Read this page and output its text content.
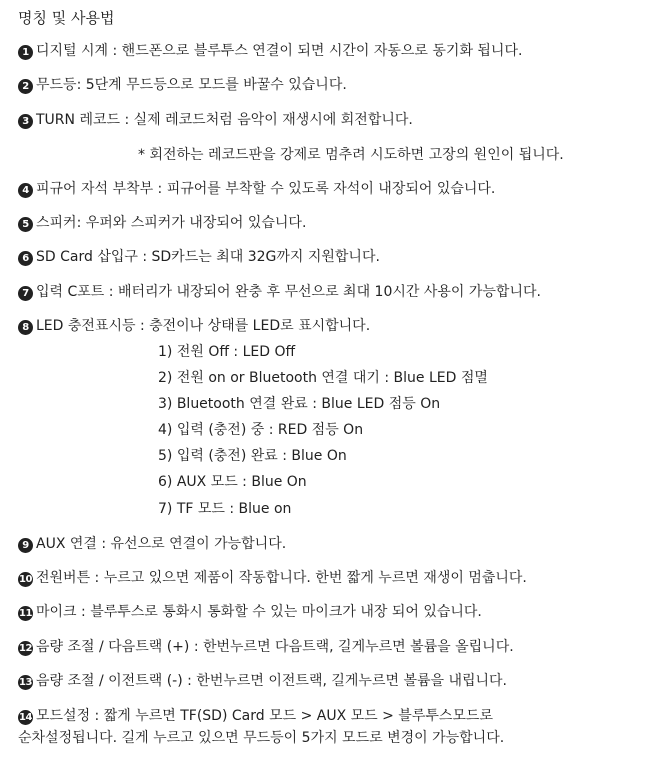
명칭 및 사용법
1 디지털 시계 : 핸드폰으로 블루투스 연결이 되면 시간이 자동으로 동기화 됩니다.
2 무드등: 5단계 무드등으로 모드를 바꿀수 있습니다.
3 TURN 레코드 : 실제 레코드처럼 음악이 재생시에 회전합니다.
* 회전하는 레코드판을 강제로 멈추려 시도하면 고장의 원인이 됩니다.
4 피규어 자석 부착부 : 피규어를 부착할 수 있도록 자석이 내장되어 있습니다.
5 스피커: 우퍼와 스피커가 내장되어 있습니다.
6 SD Card 삽입구 : SD카드는 최대 32G까지 지원합니다.
7 입력 C포트 : 배터리가 내장되어 완충 후 무선으로 최대 10시간 사용이 가능합니다.
8 LED 충전표시등 : 충전이나 상태를 LED로 표시합니다.
1) 전원 Off : LED Off
2) 전원 on or Bluetooth 연결 대기 : Blue LED 점멸
3) Bluetooth 연결 완료 : Blue LED 점등 On
4) 입력 (충전) 중 : RED 점등 On
5) 입력 (충전) 완료 : Blue On
6) AUX 모드 : Blue On
7) TF 모드 : Blue on
9 AUX 연결 : 유선으로 연결이 가능합니다.
10 전원버튼 : 누르고 있으면 제품이 작동합니다. 한번 짧게 누르면 재생이 멈춥니다.
11 마이크 : 블루투스로 통화시 통화할 수 있는 마이크가 내장 되어 있습니다.
12 음량 조절 / 다음트랙 (+) : 한번누르면 다음트랙, 길게누르면 볼륨을 올립니다.
13 음량 조절 / 이전트랙 (-) : 한번누르면 이전트랙, 길게누르면 볼륨을 내립니다.
14 모드설정 : 짧게 누르면 TF(SD) Card 모드 > AUX 모드 > 블루투스모드로
순차설정됩니다. 길게 누르고 있으면 무드등이 5가지 모드로 변경이 가능합니다.
